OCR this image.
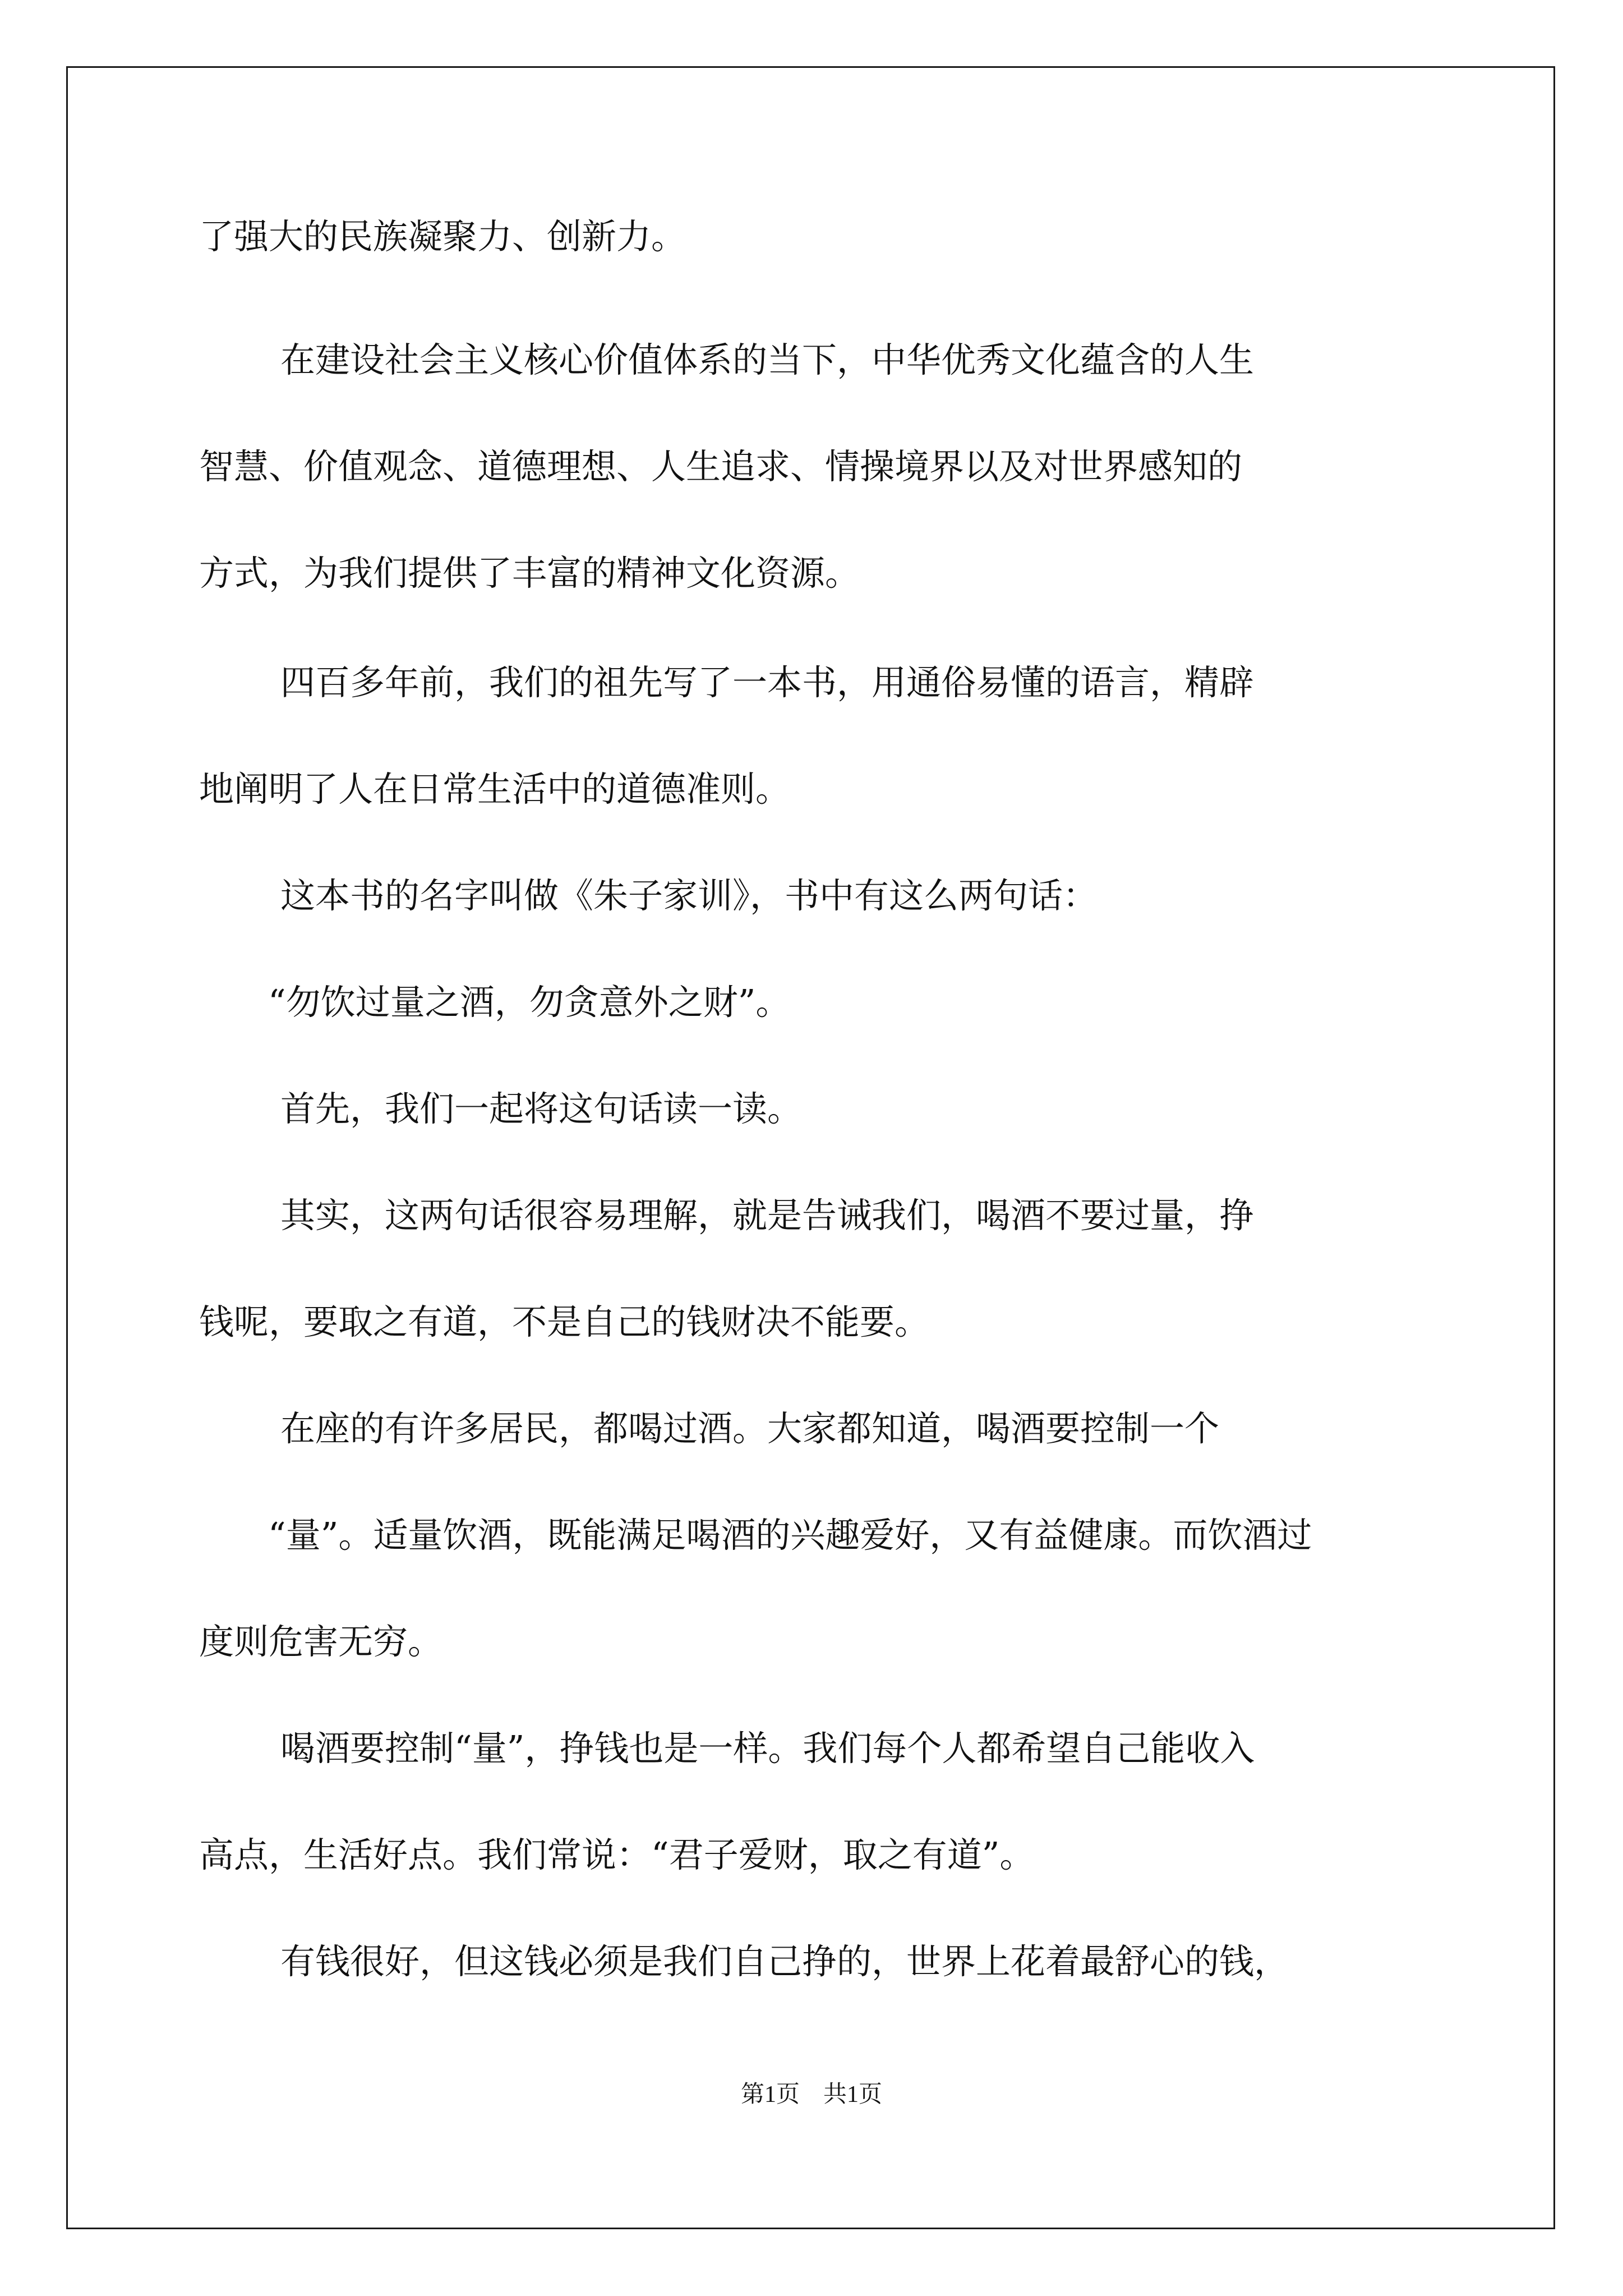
了强大的民族凝聚力、创新力。

在建设社会主义核心价值体系的当下，中华优秀文化蕴含的人生

智慧、价值观念、道德理想、人生追求、情操境界以及对世界感知的

方式，为我们提供了丰富的精神文化资源。

四百多年前，我们的祖先写了一本书，用通俗易懂的语言，精辟

地阐明了人在日常生活中的道德准则。

这本书的名字叫做《朱子家训》，书中有这么两句话：

“勿饮过量之酒，勿贪意外之财”。

首先，我们一起将这句话读一读。

其实，这两句话很容易理解，就是告诫我们，喝酒不要过量，挣

钱呢，要取之有道，不是自己的钱财决不能要。

在座的有许多居民，都喝过酒。大家都知道，喝酒要控制一个

“量”。适量饮酒，既能满足喝酒的兴趣爱好，又有益健康。而饮酒过

度则危害无穷。

喝酒要控制“量”，挣钱也是一样。我们每个人都希望自己能收入

高点，生活好点。我们常说：“君子爱财，取之有道”。

有钱很好，但这钱必须是我们自己挣的，世界上花着最舒心的钱，

第1页　共1页
